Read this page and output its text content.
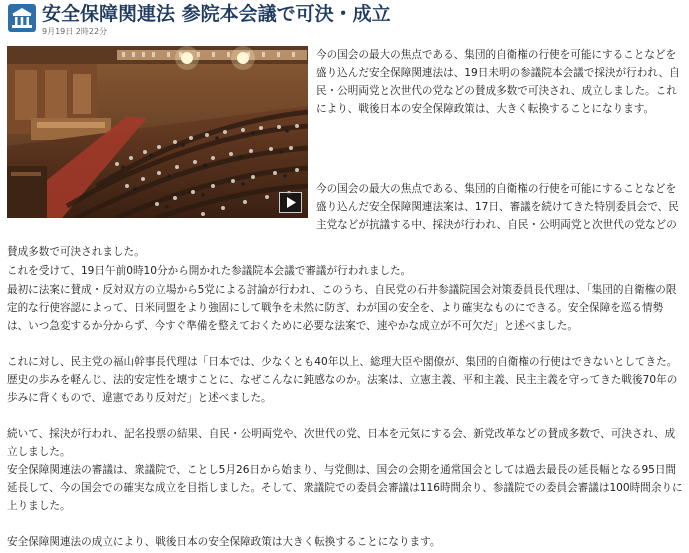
安全保障関連法 参院本会議で可決・成立
9月19日 2時22分

今の国会の最大の焦点である、集団的自衛権の行使を可能にすることなどを盛り込んだ安全保障関連法は、19日未明の参議院本会議で採決が行われ、自民・公明両党と次世代の党などの賛成多数で可決され、成立しました。これにより、戦後日本の安全保障政策は、大きく転換することになります。

今の国会の最大の焦点である、集団的自衛権の行使を可能にすることなどを盛り込んだ安全保障関連法案は、17日、審議を続けてきた特別委員会で、民主党などが抗議する中、採決が行われ、自民・公明両党と次世代の党などの

賛成多数で可決されました。

これを受けて、19日午前0時10分から開かれた参議院本会議で審議が行われました。

最初に法案に賛成・反対双方の立場から5党による討論が行われ、このうち、自民党の石井参議院国会対策委員長代理は、「集団的自衛権の限定的な行使容認によって、日米同盟をより強固にして戦争を未然に防ぎ、わが国の安全を、より確実なものにできる。安全保障を巡る情勢は、いつ急変するか分からず、今すぐ準備を整えておくために必要な法案で、速やかな成立が不可欠だ」と述べました。

これに対し、民主党の福山幹事長代理は「日本では、少なくとも40年以上、総理大臣や閣僚が、集団的自衛権の行使はできないとしてきた。歴史の歩みを軽んじ、法的安定性を壊すことに、なぜこんなに鈍感なのか。法案は、立憲主義、平和主義、民主主義を守ってきた戦後70年の歩みに背くもので、違憲であり反対だ」と述べました。

続いて、採決が行われ、記名投票の結果、自民・公明両党や、次世代の党、日本を元気にする会、新党改革などの賛成多数で、可決され、成立しました。

安全保障関連法の審議は、衆議院で、ことし5月26日から始まり、与党側は、国会の会期を通常国会としては過去最長の延長幅となる95日間延長して、今の国会での確実な成立を目指しました。そして、衆議院での委員会審議は116時間余り、参議院での委員会審議は100時間余りに上りました。

安全保障関連法の成立により、戦後日本の安全保障政策は大きく転換することになります。
